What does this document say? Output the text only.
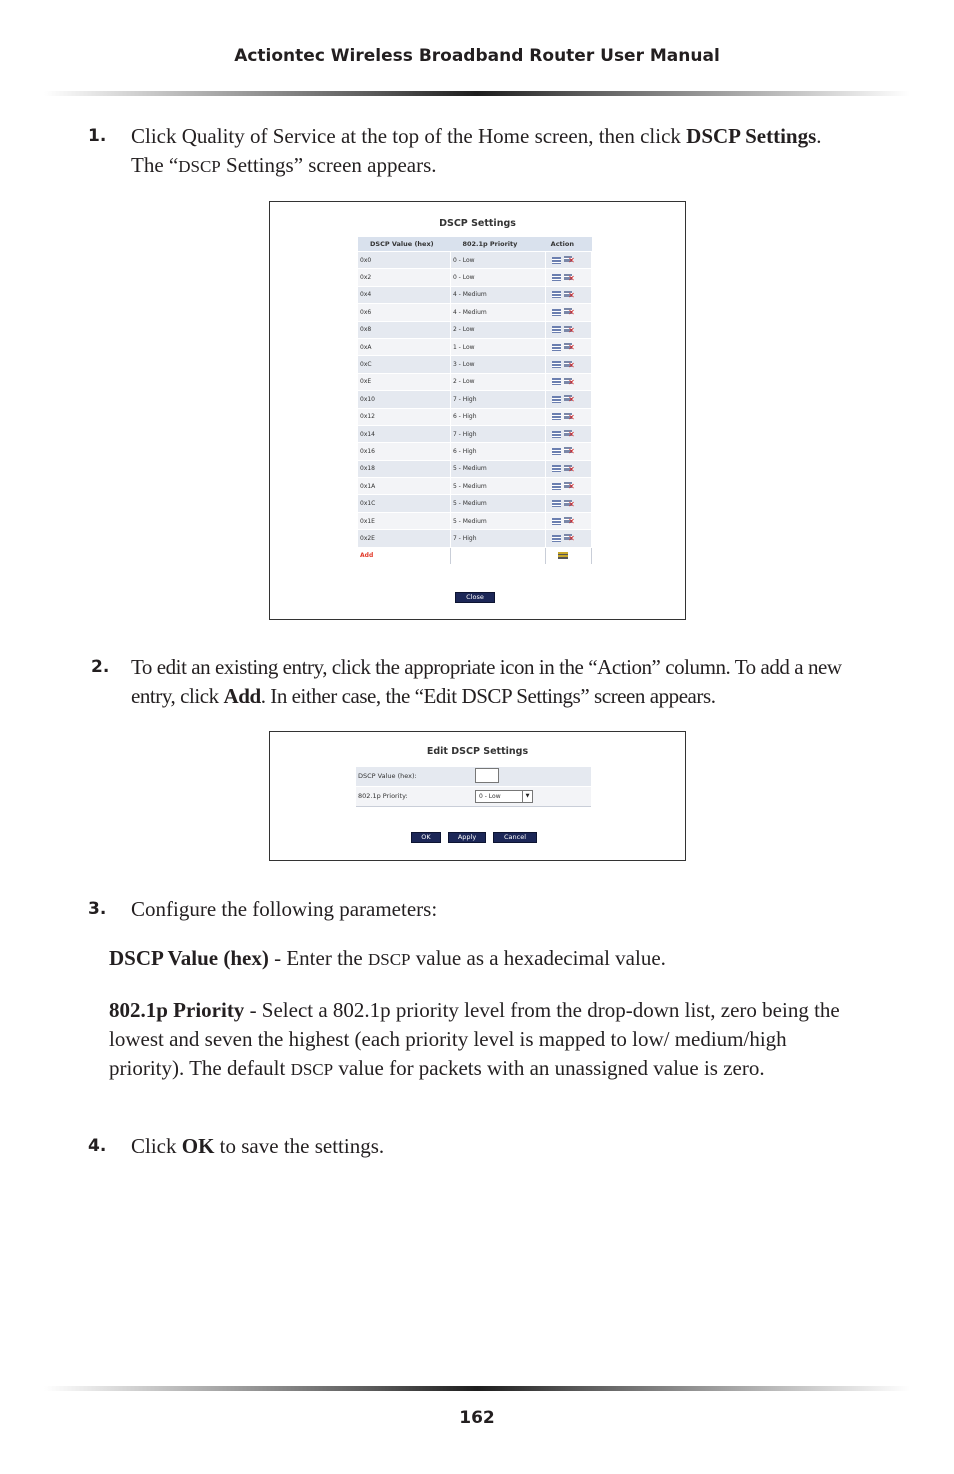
Actiontec Wireless Broadband Router User Manual
1. Click Quality of Service at the top of the Home screen, then click DSCP Settings. The “DSCP Settings” screen appears.
DSCP Settings
DSCP Value (hex)	802.1p Priority	Action
0x0	0 - Low	✕
0x2	0 - Low	✕
0x4	4 - Medium	✕
0x6	4 - Medium	✕
0x8	2 - Low	✕
0xA	1 - Low	✕
0xC	3 - Low	✕
0xE	2 - Low	✕
0x10	7 - High	✕
0x12	6 - High	✕
0x14	7 - High	✕
0x16	6 - High	✕
0x18	5 - Medium	✕
0x1A	5 - Medium	✕
0x1C	5 - Medium	✕
0x1E	5 - Medium	✕
0x2E	7 - High	✕
Add		
Close
2. To edit an existing entry, click the appropriate icon in the “Action” column. To add a new entry, click Add. In either case, the “Edit DSCP Settings” screen appears.
Edit DSCP Settings
DSCP Value (hex):
802.1p Priority:	0 - Low	▼
OK	Apply	Cancel
3. Configure the following parameters:
DSCP Value (hex) - Enter the DSCP value as a hexadecimal value.
802.1p Priority - Select a 802.1p priority level from the drop-down list, zero being the lowest and seven the highest (each priority level is mapped to low/ medium/high priority). The default DSCP value for packets with an unassigned value is zero.
4. Click OK to save the settings.
162
